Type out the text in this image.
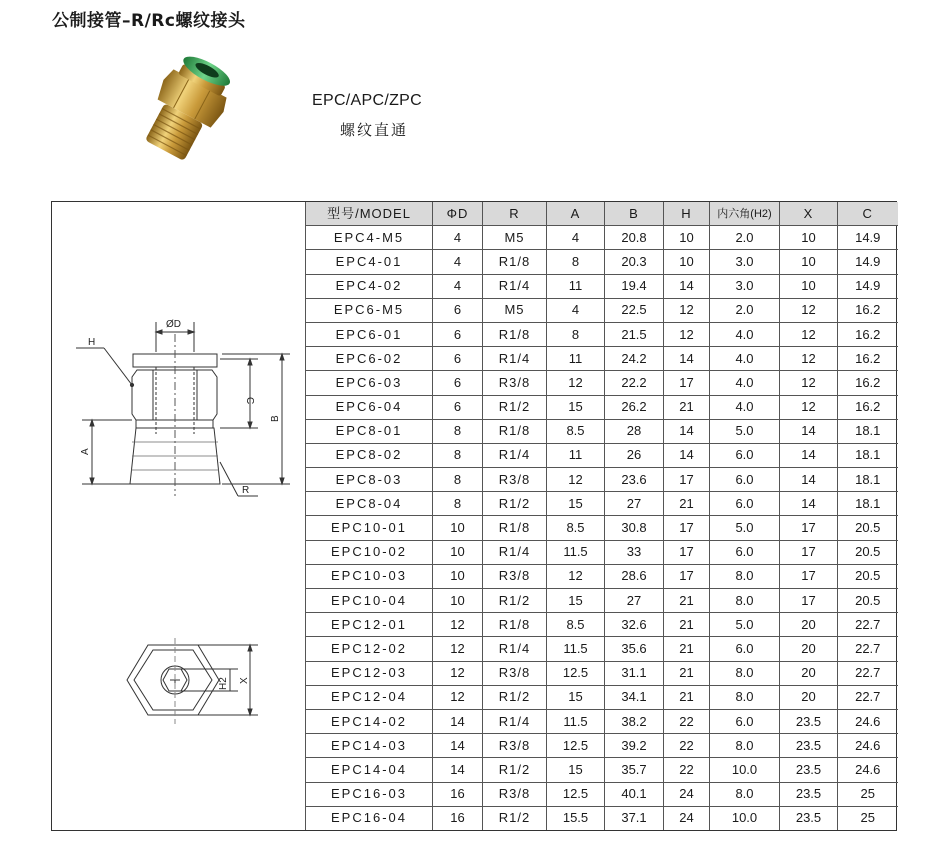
公制接管–R/Rc螺纹接头
EPC/APC/ZPC
螺纹直通
ØD
H
A
C
B
R
H2 X
型号/MODEL	ΦD	R	A	B	H	内六角(H2)	X	C
EPC4-M5	4	M5	4	20.8	10	2.0	10	14.9
EPC4-01	4	R1/8	8	20.3	10	3.0	10	14.9
EPC4-02	4	R1/4	11	19.4	14	3.0	10	14.9
EPC6-M5	6	M5	4	22.5	12	2.0	12	16.2
EPC6-01	6	R1/8	8	21.5	12	4.0	12	16.2
EPC6-02	6	R1/4	11	24.2	14	4.0	12	16.2
EPC6-03	6	R3/8	12	22.2	17	4.0	12	16.2
EPC6-04	6	R1/2	15	26.2	21	4.0	12	16.2
EPC8-01	8	R1/8	8.5	28	14	5.0	14	18.1
EPC8-02	8	R1/4	11	26	14	6.0	14	18.1
EPC8-03	8	R3/8	12	23.6	17	6.0	14	18.1
EPC8-04	8	R1/2	15	27	21	6.0	14	18.1
EPC10-01	10	R1/8	8.5	30.8	17	5.0	17	20.5
EPC10-02	10	R1/4	11.5	33	17	6.0	17	20.5
EPC10-03	10	R3/8	12	28.6	17	8.0	17	20.5
EPC10-04	10	R1/2	15	27	21	8.0	17	20.5
EPC12-01	12	R1/8	8.5	32.6	21	5.0	20	22.7
EPC12-02	12	R1/4	11.5	35.6	21	6.0	20	22.7
EPC12-03	12	R3/8	12.5	31.1	21	8.0	20	22.7
EPC12-04	12	R1/2	15	34.1	21	8.0	20	22.7
EPC14-02	14	R1/4	11.5	38.2	22	6.0	23.5	24.6
EPC14-03	14	R3/8	12.5	39.2	22	8.0	23.5	24.6
EPC14-04	14	R1/2	15	35.7	22	10.0	23.5	24.6
EPC16-03	16	R3/8	12.5	40.1	24	8.0	23.5	25
EPC16-04	16	R1/2	15.5	37.1	24	10.0	23.5	25
